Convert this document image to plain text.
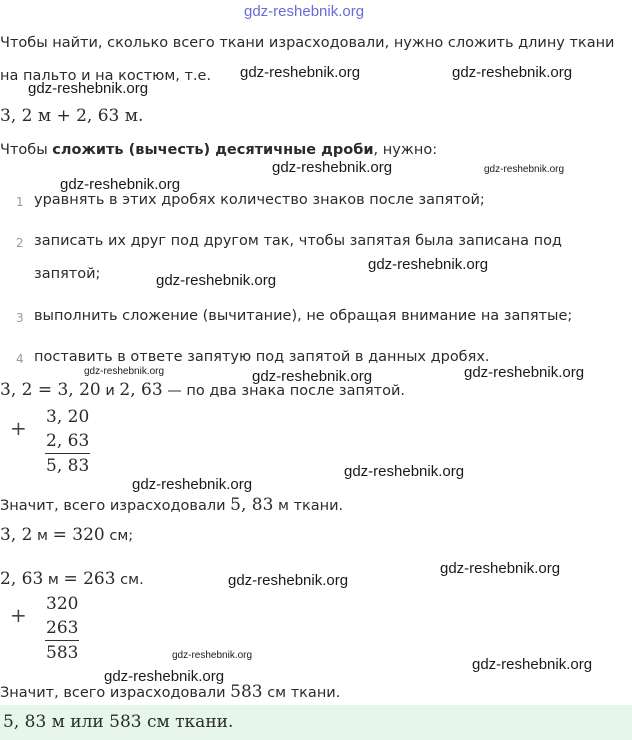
gdz-reshebnik.org
Чтобы найти, сколько всего ткани израсходовали, нужно сложить длину ткани
на пальто и на костюм, т.е.
3, 2 м + 2, 63 м.
Чтобы сложить (вычесть) десятичные дроби, нужно:
1 уравнять в этих дробях количество знаков после запятой;
2 записать их друг под другом так, чтобы запятая была записана под
запятой;
3 выполнить сложение (вычитание), не обращая внимание на запятые;
4 поставить в ответе запятую под запятой в данных дробях.
3, 2 = 3, 20 и 2, 63 — по два знака после запятой.
+ 3, 20
2, 63
5, 83
Значит, всего израсходовали 5, 83 м ткани.
3, 2 м = 320 см;
2, 63 м = 263 см.
+ 320
263
583
Значит, всего израсходовали 583 см ткани.
5, 83 м или 583 см ткани.
gdz-reshebnik.org	gdz-reshebnik.org
gdz-reshebnik.org
gdz-reshebnik.org	gdz-reshebnik.org
gdz-reshebnik.org
gdz-reshebnik.org
gdz-reshebnik.org
gdz-reshebnik.org	gdz-reshebnik.org	gdz-reshebnik.org
gdz-reshebnik.org
gdz-reshebnik.org
gdz-reshebnik.org
gdz-reshebnik.org
gdz-reshebnik.org
gdz-reshebnik.org
gdz-reshebnik.org
